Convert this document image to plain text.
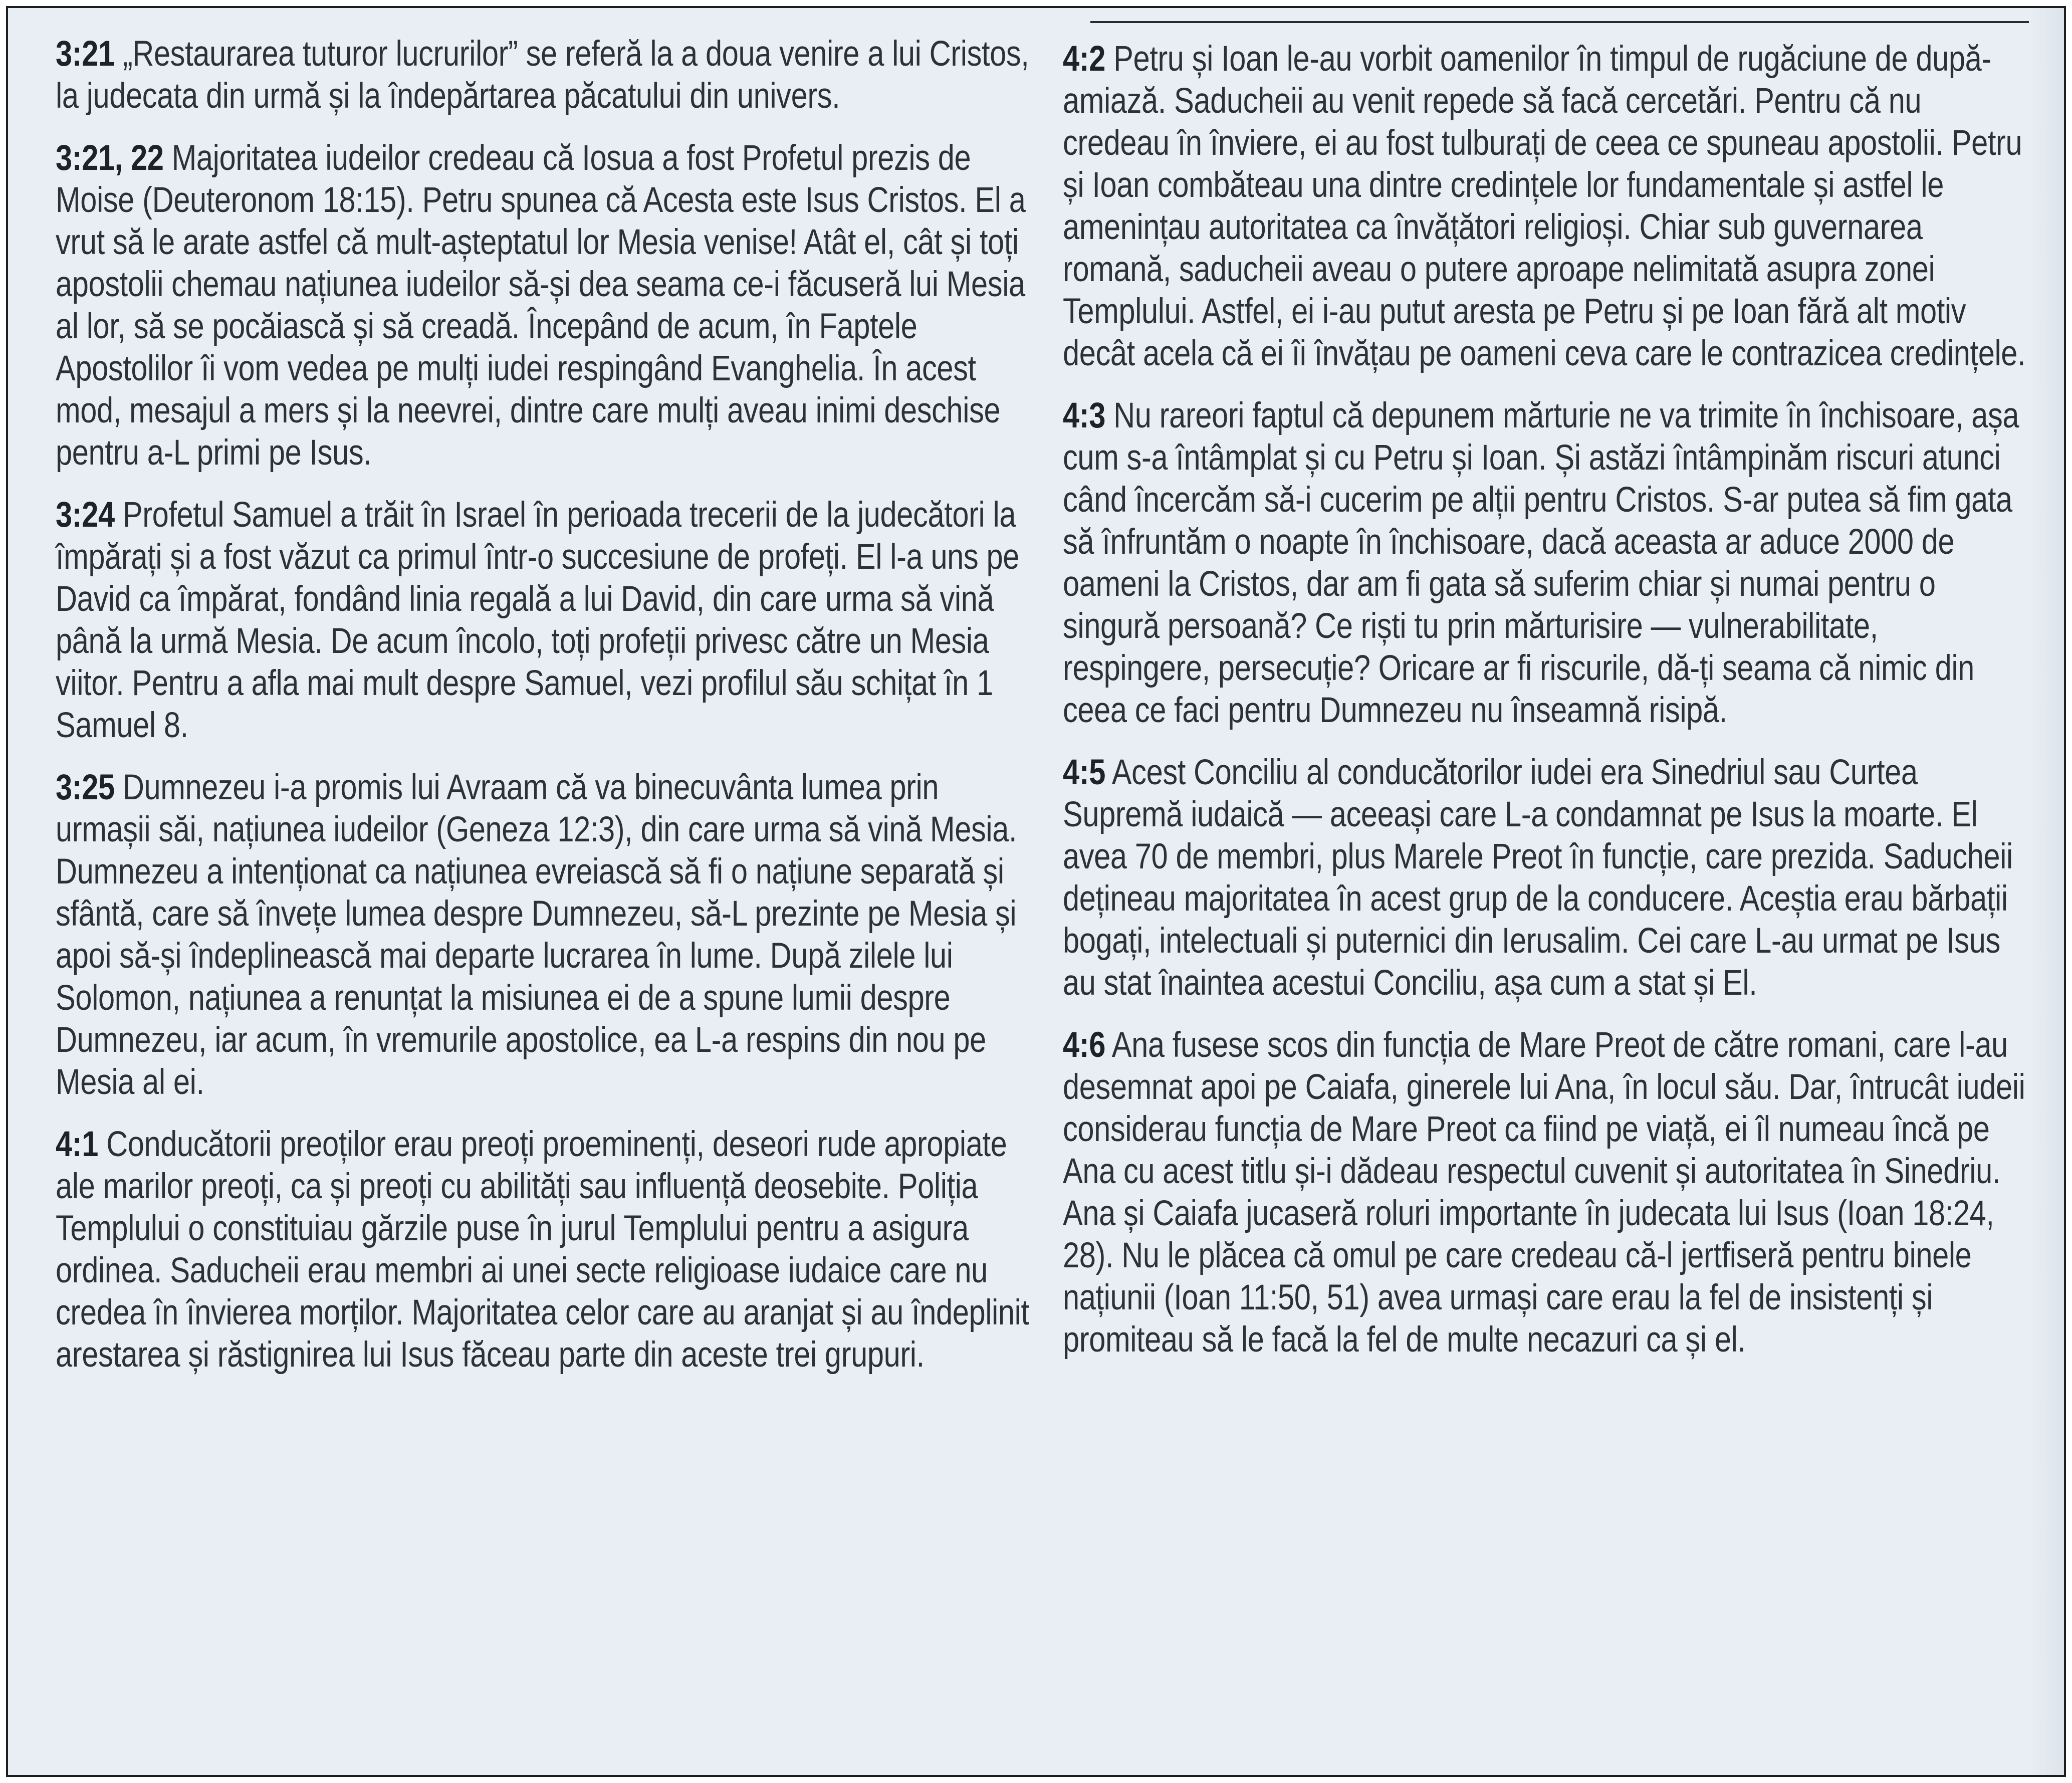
3:21 „Restaurarea tuturor lucrurilor” se referă la a doua venire a lui Cristos, la judecata din urmă și la îndepărtarea păcatului din univers.

3:21, 22 Majoritatea iudeilor credeau că Iosua a fost Profetul prezis de Moise (Deuteronom 18:15). Petru spunea că Acesta este Isus Cristos. El a vrut să le arate astfel că mult-așteptatul lor Mesia venise! Atât el, cât și toți apostolii chemau națiunea iudeilor să-și dea seama ce-i făcuseră lui Mesia al lor, să se pocăiască și să creadă. Începând de acum, în Faptele Apostolilor îi vom vedea pe mulți iudei respingând Evanghelia. În acest mod, mesajul a mers și la neevrei, dintre care mulți aveau inimi deschise pentru a-L primi pe Isus.

3:24 Profetul Samuel a trăit în Israel în perioada trecerii de la judecători la împărați și a fost văzut ca primul într-o succesiune de profeți. El l-a uns pe David ca împărat, fondând linia regală a lui David, din care urma să vină până la urmă Mesia. De acum încolo, toți profeții privesc către un Mesia viitor. Pentru a afla mai mult despre Samuel, vezi profilul său schițat în 1 Samuel 8.

3:25 Dumnezeu i-a promis lui Avraam că va binecuvânta lumea prin urmașii săi, națiunea iudeilor (Geneza 12:3), din care urma să vină Mesia. Dumnezeu a intenționat ca națiunea evreiască să fi o națiune separată și sfântă, care să învețe lumea despre Dumnezeu, să-L prezinte pe Mesia și apoi să-și îndeplinească mai departe lucrarea în lume. După zilele lui Solomon, națiunea a renunțat la misiunea ei de a spune lumii despre Dumnezeu, iar acum, în vremurile apostolice, ea L-a respins din nou pe Mesia al ei.

4:1 Conducătorii preoților erau preoți proeminenți, deseori rude apropiate ale marilor preoți, ca și preoți cu abilități sau influență deosebite. Poliția Templului o constituiau gărzile puse în jurul Templului pentru a asigura ordinea. Saducheii erau membri ai unei secte religioase iudaice care nu credea în învierea morților. Majoritatea celor care au aranjat și au îndeplinit arestarea și răstignirea lui Isus făceau parte din aceste trei grupuri.

4:2 Petru și Ioan le-au vorbit oamenilor în timpul de rugăciune de după-amiază. Saducheii au venit repede să facă cercetări. Pentru că nu credeau în înviere, ei au fost tulburați de ceea ce spuneau apostolii. Petru și Ioan combăteau una dintre credințele lor fundamentale și astfel le amenințau autoritatea ca învățători religioși. Chiar sub guvernarea romană, saducheii aveau o putere aproape nelimitată asupra zonei Templului. Astfel, ei i-au putut aresta pe Petru și pe Ioan fără alt motiv decât acela că ei îi învățau pe oameni ceva care le contrazicea credințele.

4:3 Nu rareori faptul că depunem mărturie ne va trimite în închisoare, așa cum s-a întâmplat și cu Petru și Ioan. Și astăzi întâmpinăm riscuri atunci când încercăm să-i cucerim pe alții pentru Cristos. S-ar putea să fim gata să înfruntăm o noapte în închisoare, dacă aceasta ar aduce 2000 de oameni la Cristos, dar am fi gata să suferim chiar și numai pentru o singură persoană? Ce riști tu prin mărturisire — vulnerabilitate, respingere, persecuție? Oricare ar fi riscurile, dă-ți seama că nimic din ceea ce faci pentru Dumnezeu nu înseamnă risipă.

4:5 Acest Conciliu al conducătorilor iudei era Sinedriul sau Curtea Supremă iudaică — aceeași care L-a condamnat pe Isus la moarte. El avea 70 de membri, plus Marele Preot în funcție, care prezida. Saducheii dețineau majoritatea în acest grup de la conducere. Aceștia erau bărbații bogați, intelectuali și puternici din Ierusalim. Cei care L-au urmat pe Isus au stat înaintea acestui Conciliu, așa cum a stat și El.

4:6 Ana fusese scos din funcția de Mare Preot de către romani, care l-au desemnat apoi pe Caiafa, ginerele lui Ana, în locul său. Dar, întrucât iudeii considerau funcția de Mare Preot ca fiind pe viață, ei îl numeau încă pe Ana cu acest titlu și-i dădeau respectul cuvenit și autoritatea în Sinedriu. Ana și Caiafa jucaseră roluri importante în judecata lui Isus (Ioan 18:24, 28). Nu le plăcea că omul pe care credeau că-l jertfiseră pentru binele națiunii (Ioan 11:50, 51) avea urmași care erau la fel de insistenți și promiteau să le facă la fel de multe necazuri ca și el.
